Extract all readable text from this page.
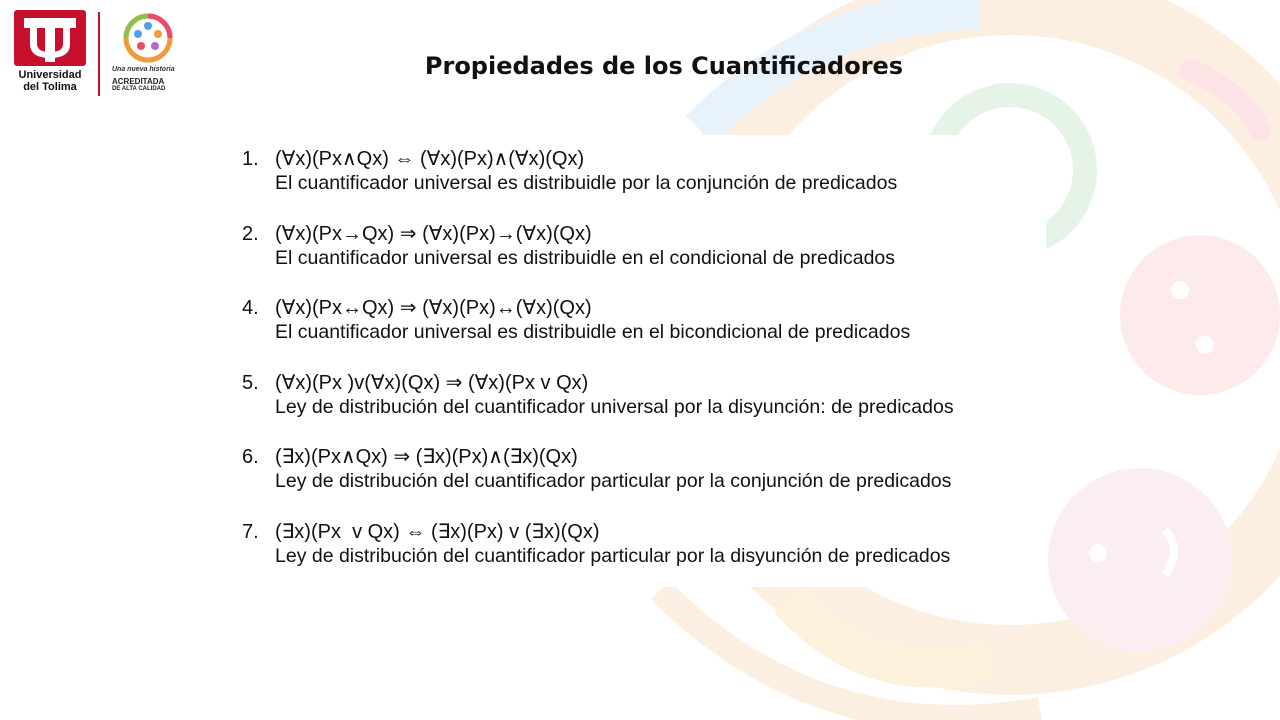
Universidad
del Tolima
Una nueva historia
ACREDITADA
DE ALTA CALIDAD
Propiedades de los Cuantificadores
1. (∀x)(Px∧Qx) ⇔ (∀x)(Px)∧(∀x)(Qx)
El cuantificador universal es distribuidle por la conjunción de predicados
2. (∀x)(Px→Qx) ⇒ (∀x)(Px)→(∀x)(Qx)
El cuantificador universal es distribuidle en el condicional de predicados
4. (∀x)(Px↔Qx) ⇒ (∀x)(Px)↔(∀x)(Qx)
El cuantificador universal es distribuidle en el bicondicional de predicados
5. (∀x)(Px )v(∀x)(Qx) ⇒ (∀x)(Px v Qx)
Ley de distribución del cuantificador universal por la disyunción: de predicados
6. (∃x)(Px∧Qx) ⇒ (∃x)(Px)∧(∃x)(Qx)
Ley de distribución del cuantificador particular por la conjunción de predicados
7. (∃x)(Px  v Qx) ⇔ (∃x)(Px) v (∃x)(Qx)
Ley de distribución del cuantificador particular por la disyunción de predicados
